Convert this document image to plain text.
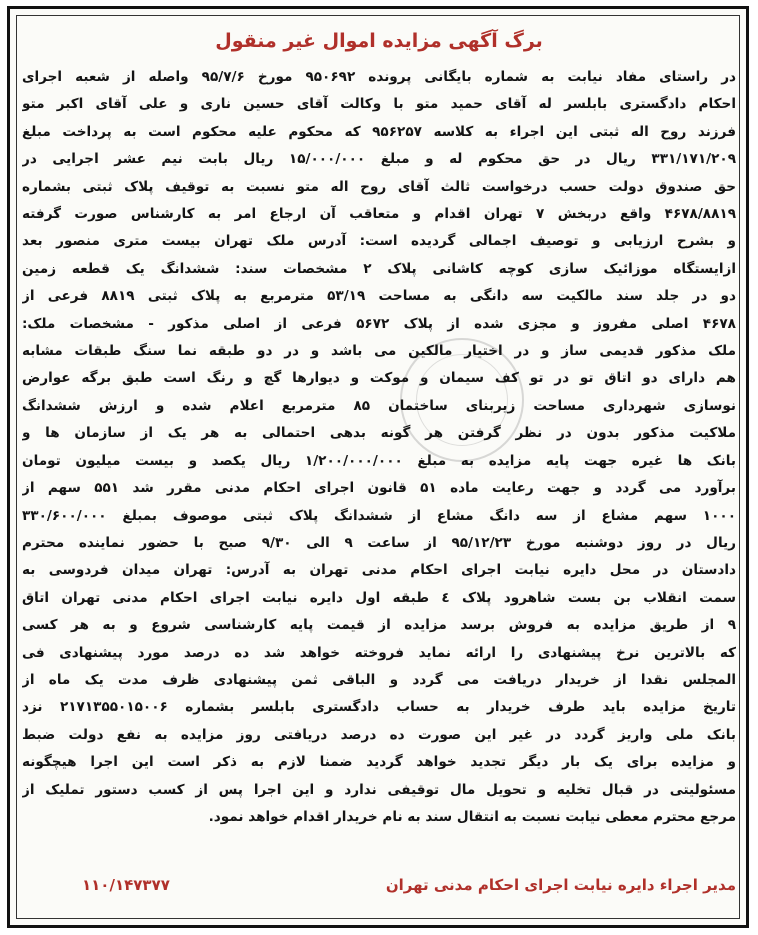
برگ آگهی مزایده اموال غیر منقول
در راستای مفاد نیابت به شماره بایگانی پرونده ۹۵۰۶۹۲ مورخ ۹۵/۷/۶ واصله از شعبه اجرای
احکام دادگستری بابلسر له آقای حمید متو با وکالت آقای حسین ناری و علی آقای اکبر متو
فرزند روح اله ثبتی این اجراء به کلاسه ۹۵۶۲۵۷ که محکوم علیه محکوم است به پرداخت مبلغ
۳۳۱/۱۷۱/۲۰۹ ریال در حق محکوم له و مبلغ ۱۵/۰۰۰/۰۰۰ ریال بابت نیم عشر اجرایی در
حق صندوق دولت حسب درخواست ثالث آقای روح اله متو نسبت به توقیف پلاک ثبتی بشماره
۴۶۷۸/۸۸۱۹ واقع دربخش ۷ تهران اقدام و متعاقب آن ارجاع امر به کارشناس صورت گرفته
و بشرح ارزیابی و توصیف اجمالی گردیده است: آدرس ملک تهران بیست متری منصور بعد
ازایستگاه موزائیک سازی کوچه کاشانی پلاک ۲ مشخصات سند: ششدانگ یک قطعه زمین
دو در جلد سند مالکیت سه دانگی به مساحت ۵۳/۱۹ مترمربع به پلاک ثبتی ۸۸۱۹ فرعی از
۴۶۷۸ اصلی مفروز و مجزی شده از پلاک ۵۶۷۲ فرعی از اصلی مذکور - مشخصات ملک:
ملک مذکور قدیمی ساز و در اختیار مالکین می باشد و در دو طبقه نما سنگ طبقات مشابه
هم دارای دو اتاق تو در تو کف سیمان و موکت و دیوارها گچ و رنگ است طبق برگه عوارض
نوسازی شهرداری مساحت زیربنای ساختمان ۸۵ مترمربع اعلام شده و ارزش ششدانگ
ملاکیت مذکور بدون در نظر گرفتن هر گونه بدهی احتمالی به هر یک از سازمان ها و
بانک ها غیره جهت پایه مزایده به مبلغ ۱/۲۰۰/۰۰۰/۰۰۰ ریال یکصد و بیست میلیون تومان
برآورد می گردد و جهت رعایت ماده ۵۱ قانون اجرای احکام مدنی مقرر شد ۵۵۱ سهم از
۱۰۰۰ سهم مشاع از سه دانگ مشاع از ششدانگ پلاک ثبتی موصوف بمبلغ ۳۳۰/۶۰۰/۰۰۰
ریال در روز دوشنبه مورخ ۹۵/۱۲/۲۳ از ساعت ۹ الی ۹/۳۰ صبح با حضور نماینده محترم
دادستان در محل دایره نیابت اجرای احکام مدنی تهران به آدرس: تهران میدان فردوسی به
سمت انقلاب بن بست شاهرود پلاک ٤ طبقه اول دایره نیابت اجرای احکام مدنی تهران اتاق
۹ از طریق مزایده به فروش برسد مزایده از قیمت پایه کارشناسی شروع و به هر کسی
که بالاترین نرخ پیشنهادی را ارائه نماید فروخته خواهد شد ده درصد مورد پیشنهادی فی
المجلس نقدا از خریدار دریافت می گردد و الباقی ثمن پیشنهادی ظرف مدت یک ماه از
تاریخ مزایده باید طرف خریدار به حساب دادگستری بابلسر بشماره ۲۱۷۱۳۵۵۰۱۵۰۰۶ نزد
بانک ملی واریز گردد در غیر این صورت ده درصد دریافتی روز مزایده به نفع دولت ضبط
و مزایده برای یک بار دیگر تجدید خواهد گردید ضمنا لازم به ذکر است این اجرا هیچگونه
مسئولیتی در قبال تخلیه و تحویل مال توقیفی ندارد و این اجرا پس از کسب دستور تملیک از
مرجع محترم معطی نیابت نسبت به انتقال سند به نام خریدار اقدام خواهد نمود.
مدیر اجراء دایره نیابت اجرای احکام مدنی تهران
۱۱۰/۱۴۷۳۷۷
